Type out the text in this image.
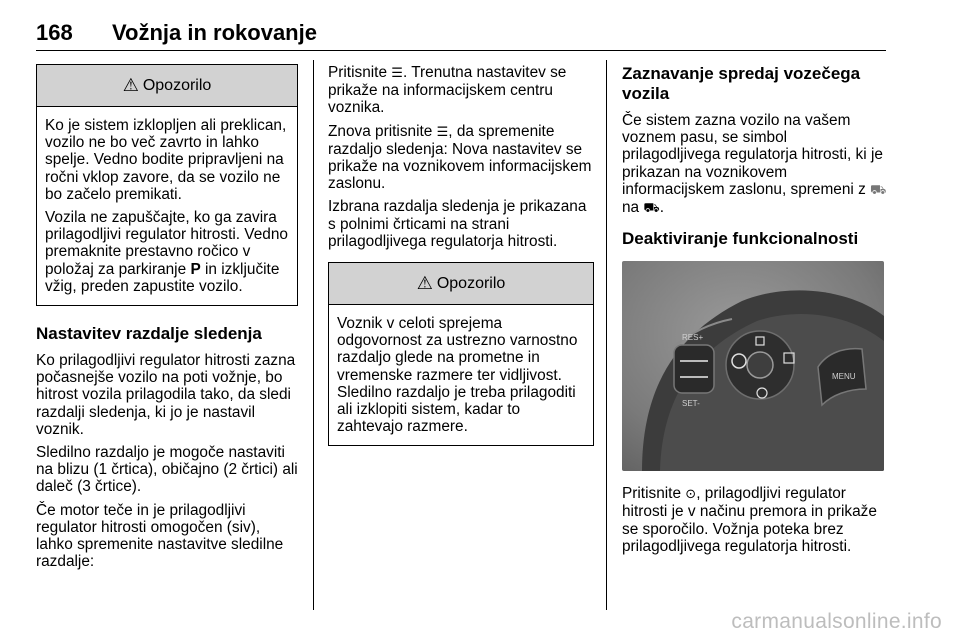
168 Vožnja in rokovanje
⚠ Opozorilo

Ko je sistem izklopljen ali preklican, vozilo ne bo več zavrto in lahko spelje. Vedno bodite pripravljeni na ročni vklop zavore, da se vozilo ne bo začelo premikati.

Vozila ne zapuščajte, ko ga zavira prilagodljivi regulator hitrosti. Vedno premaknite prestavno ročico v položaj za parkiranje P in izključite vžig, preden zapustite vozilo.

Nastavitev razdalje sledenja

Ko prilagodljivi regulator hitrosti zazna počasnejše vozilo na poti vožnje, bo hitrost vozila prilagodila tako, da sledi razdalji sledenja, ki jo je nastavil voznik.

Sledilno razdaljo je mogoče nastaviti na blizu (1 črtica), običajno (2 črtici) ali daleč (3 črtice).

Če motor teče in je prilagodljivi regulator hitrosti omogočen (siv), lahko spremenite nastavitve sledilne razdalje:

Pritisnite ☰. Trenutna nastavitev se prikaže na informacijskem centru voznika.

Znova pritisnite ☰, da spremenite razdaljo sledenja: Nova nastavitev se prikaže na voznikovem informacijskem zaslonu.

Izbrana razdalja sledenja je prikazana s polnimi črticami na strani prilagodljivega regulatorja hitrosti.

⚠ Opozorilo

Voznik v celoti sprejema odgovornost za ustrezno varnostno razdaljo glede na prometne in vremenske razmere ter vidljivost. Sledilno razdaljo je treba prilagoditi ali izklopiti sistem, kadar to zahtevajo razmere.

Zaznavanje spredaj vozečega vozila

Če sistem zazna vozilo na vašem voznem pasu, se simbol prilagodljivega regulatorja hitrosti, ki je prikazan na voznikovem informacijskem zaslonu, spremeni z ⛟ na ⛟.

Deaktiviranje funkcionalnosti
RES+
SET-
MENU

Pritisnite ⊙, prilagodljivi regulator hitrosti je v načinu premora in prikaže se sporočilo. Vožnja poteka brez prilagodljivega regulatorja hitrosti.

carmanualsonline.info
